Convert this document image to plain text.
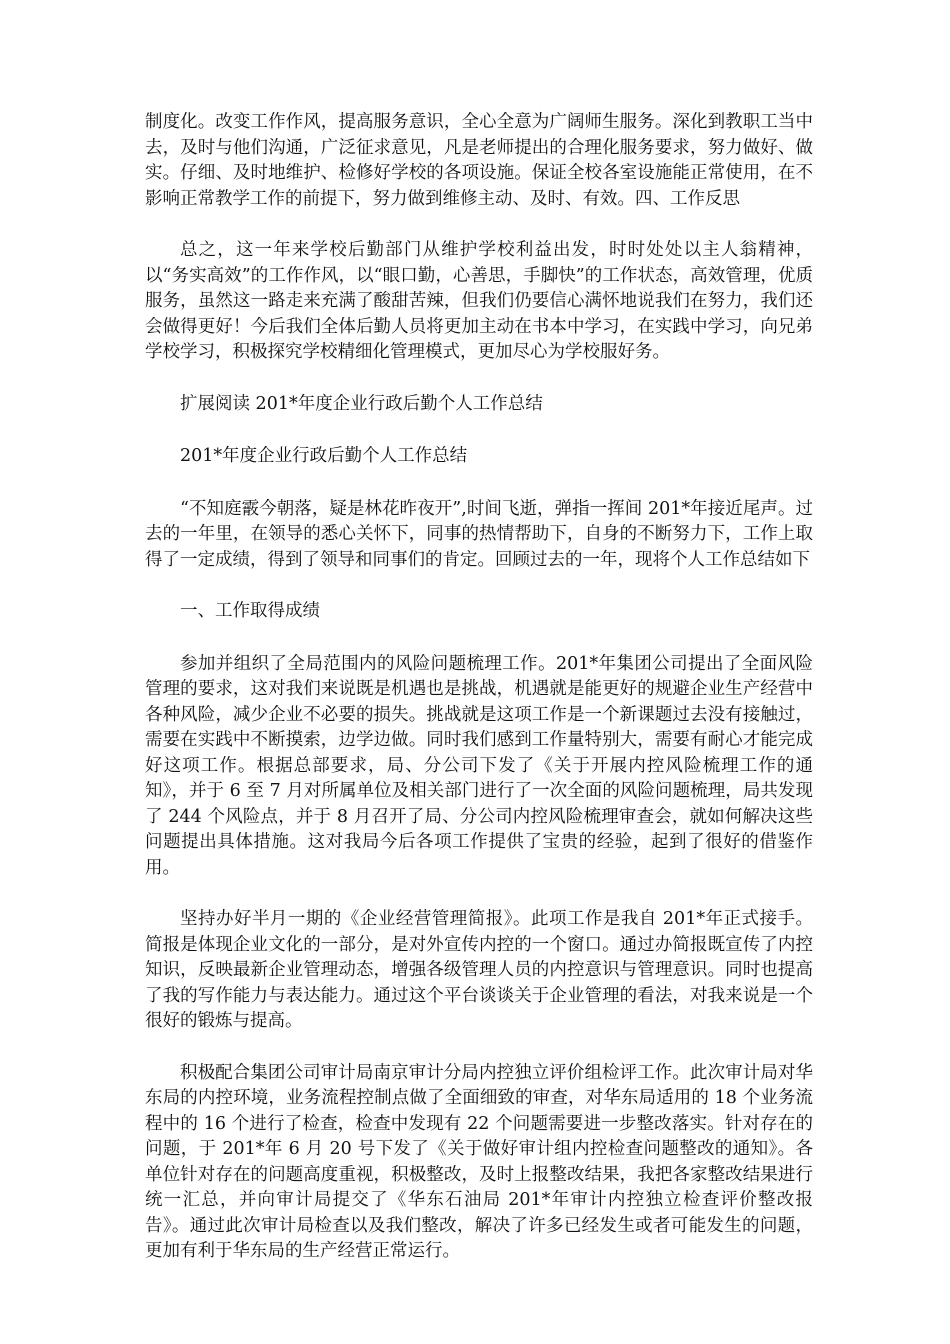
制度化。改变工作作风，提高服务意识，全心全意为广阔师生服务。深化到教职工当中去，及时与他们沟通，广泛征求意见，凡是老师提出的合理化服务要求，努力做好、做实。仔细、及时地维护、检修好学校的各项设施。保证全校各室设施能正常使用，在不影响正常教学工作的前提下，努力做到维修主动、及时、有效。四、工作反思

总之，这一年来学校后勤部门从维护学校利益出发，时时处处以主人翁精神，以“务实高效”的工作作风，以“眼口勤，心善思，手脚快”的工作状态，高效管理，优质服务，虽然这一路走来充满了酸甜苦辣，但我们仍要信心满怀地说我们在努力，我们还会做得更好！今后我们全体后勤人员将更加主动在书本中学习，在实践中学习，向兄弟学校学习，积极探究学校精细化管理模式，更加尽心为学校服好务。

扩展阅读 201*年度企业行政后勤个人工作总结

201*年度企业行政后勤个人工作总结

“不知庭霰今朝落，疑是林花昨夜开”,时间飞逝，弹指一挥间 201*年接近尾声。过去的一年里，在领导的悉心关怀下，同事的热情帮助下，自身的不断努力下，工作上取得了一定成绩，得到了领导和同事们的肯定。回顾过去的一年，现将个人工作总结如下

一、工作取得成绩

参加并组织了全局范围内的风险问题梳理工作。201*年集团公司提出了全面风险管理的要求，这对我们来说既是机遇也是挑战，机遇就是能更好的规避企业生产经营中各种风险，减少企业不必要的损失。挑战就是这项工作是一个新课题过去没有接触过，需要在实践中不断摸索，边学边做。同时我们感到工作量特别大，需要有耐心才能完成好这项工作。根据总部要求，局、分公司下发了《关于开展内控风险梳理工作的通知》，并于 6 至 7 月对所属单位及相关部门进行了一次全面的风险问题梳理，局共发现了 244 个风险点，并于 8 月召开了局、分公司内控风险梳理审查会，就如何解决这些问题提出具体措施。这对我局今后各项工作提供了宝贵的经验，起到了很好的借鉴作用。

坚持办好半月一期的《企业经营管理简报》。此项工作是我自 201*年正式接手。简报是体现企业文化的一部分，是对外宣传内控的一个窗口。通过办简报既宣传了内控知识，反映最新企业管理动态，增强各级管理人员的内控意识与管理意识。同时也提高了我的写作能力与表达能力。通过这个平台谈谈关于企业管理的看法，对我来说是一个很好的锻炼与提高。

积极配合集团公司审计局南京审计分局内控独立评价组检评工作。此次审计局对华东局的内控环境，业务流程控制点做了全面细致的审查，对华东局适用的 18 个业务流程中的 16 个进行了检查，检查中发现有 22 个问题需要进一步整改落实。针对存在的问题，于 201*年 6 月 20 号下发了《关于做好审计组内控检查问题整改的通知》。各单位针对存在的问题高度重视，积极整改，及时上报整改结果，我把各家整改结果进行统一汇总，并向审计局提交了《华东石油局 201*年审计内控独立检查评价整改报告》。通过此次审计局检查以及我们整改，解决了许多已经发生或者可能发生的问题，更加有利于华东局的生产经营正常运行。
